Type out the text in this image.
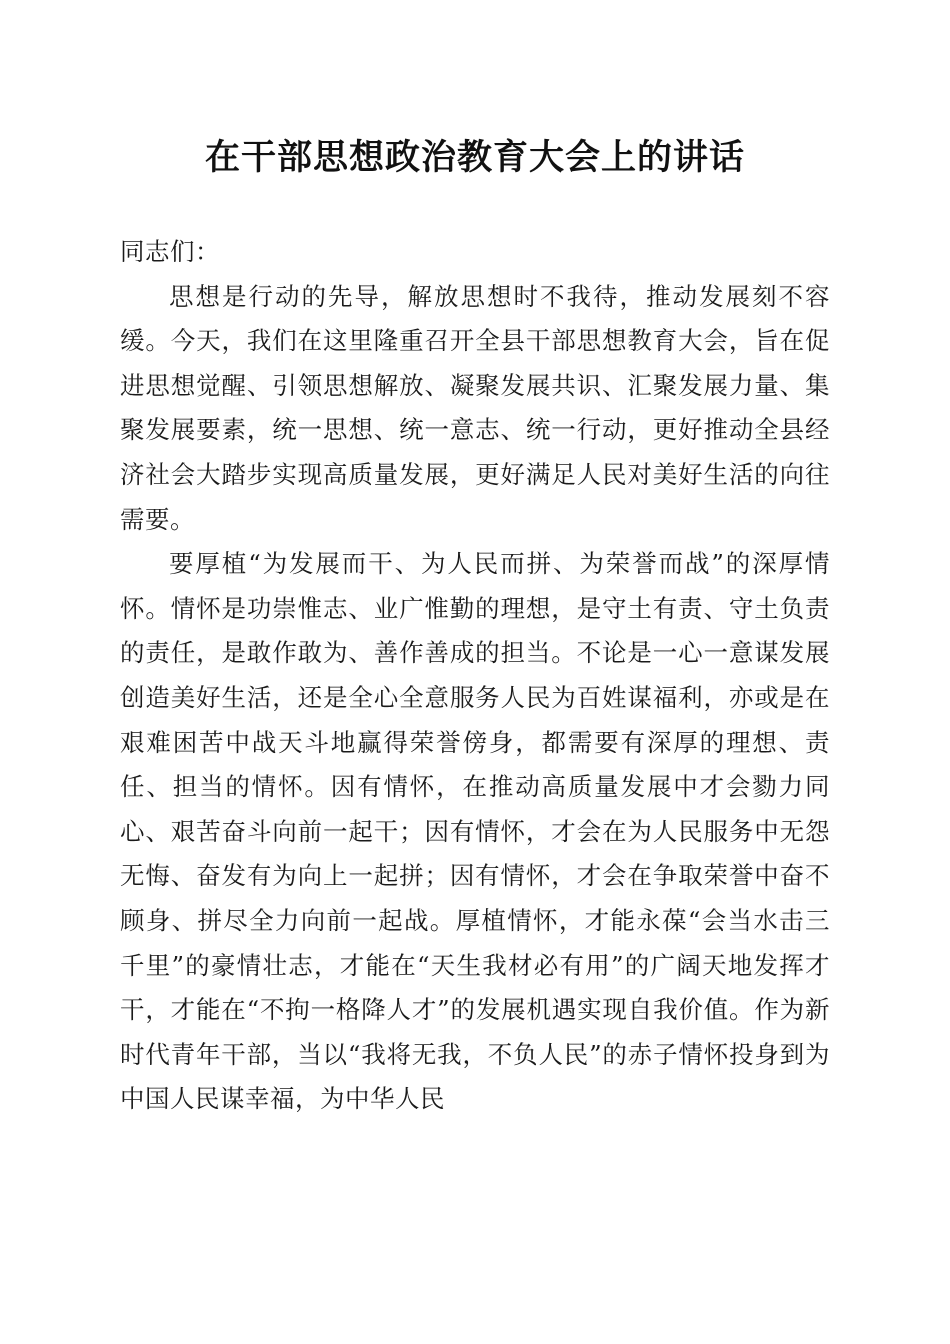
在干部思想政治教育大会上的讲话

同志们：

思想是行动的先导，解放思想时不我待，推动发展刻不容缓。今天，我们在这里隆重召开全县干部思想教育大会，旨在促进思想觉醒、引领思想解放、凝聚发展共识、汇聚发展力量、集聚发展要素，统一思想、统一意志、统一行动，更好推动全县经济社会大踏步实现高质量发展，更好满足人民对美好生活的向往需要。

要厚植“为发展而干、为人民而拼、为荣誉而战”的深厚情怀。情怀是功崇惟志、业广惟勤的理想，是守土有责、守土负责的责任，是敢作敢为、善作善成的担当。不论是一心一意谋发展创造美好生活，还是全心全意服务人民为百姓谋福利，亦或是在艰难困苦中战天斗地赢得荣誉傍身，都需要有深厚的理想、责任、担当的情怀。因有情怀，在推动高质量发展中才会勠力同心、艰苦奋斗向前一起干；因有情怀，才会在为人民服务中无怨无悔、奋发有为向上一起拼；因有情怀，才会在争取荣誉中奋不顾身、拼尽全力向前一起战。厚植情怀，才能永葆“会当水击三千里”的豪情壮志，才能在“天生我材必有用”的广阔天地发挥才干，才能在“不拘一格降人才”的发展机遇实现自我价值。作为新时代青年干部，当以“我将无我，不负人民”的赤子情怀投身到为中国人民谋幸福，为中华人民
